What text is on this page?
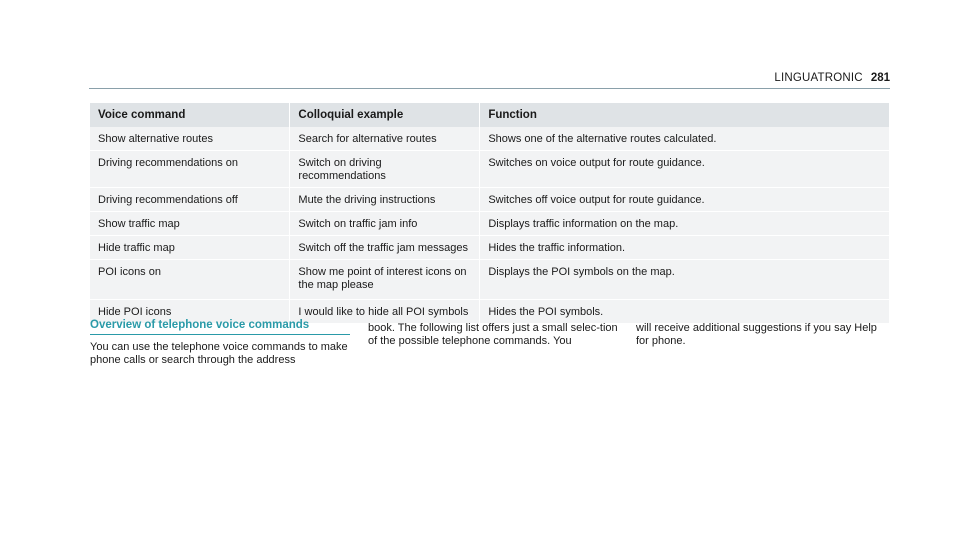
LINGUATRONIC 281
Voice command	Colloquial example	Function
Show alternative routes	Search for alternative routes	Shows one of the alternative routes calculated.
Driving recommendations on	Switch on driving recommendations	Switches on voice output for route guidance.
Driving recommendations off	Mute the driving instructions	Switches off voice output for route guidance.
Show traffic map	Switch on traffic jam info	Displays traffic information on the map.
Hide traffic map	Switch off the traffic jam messages	Hides the traffic information.
POI icons on	Show me point of interest icons on the map please	Displays the POI symbols on the map.
Hide POI icons	I would like to hide all POI symbols	Hides the POI symbols.
Overview of telephone voice commands
You can use the telephone voice commands to make phone calls or search through the address
book. The following list offers just a small selec-tion of the possible telephone commands. You
will receive additional suggestions if you say Help for phone.
